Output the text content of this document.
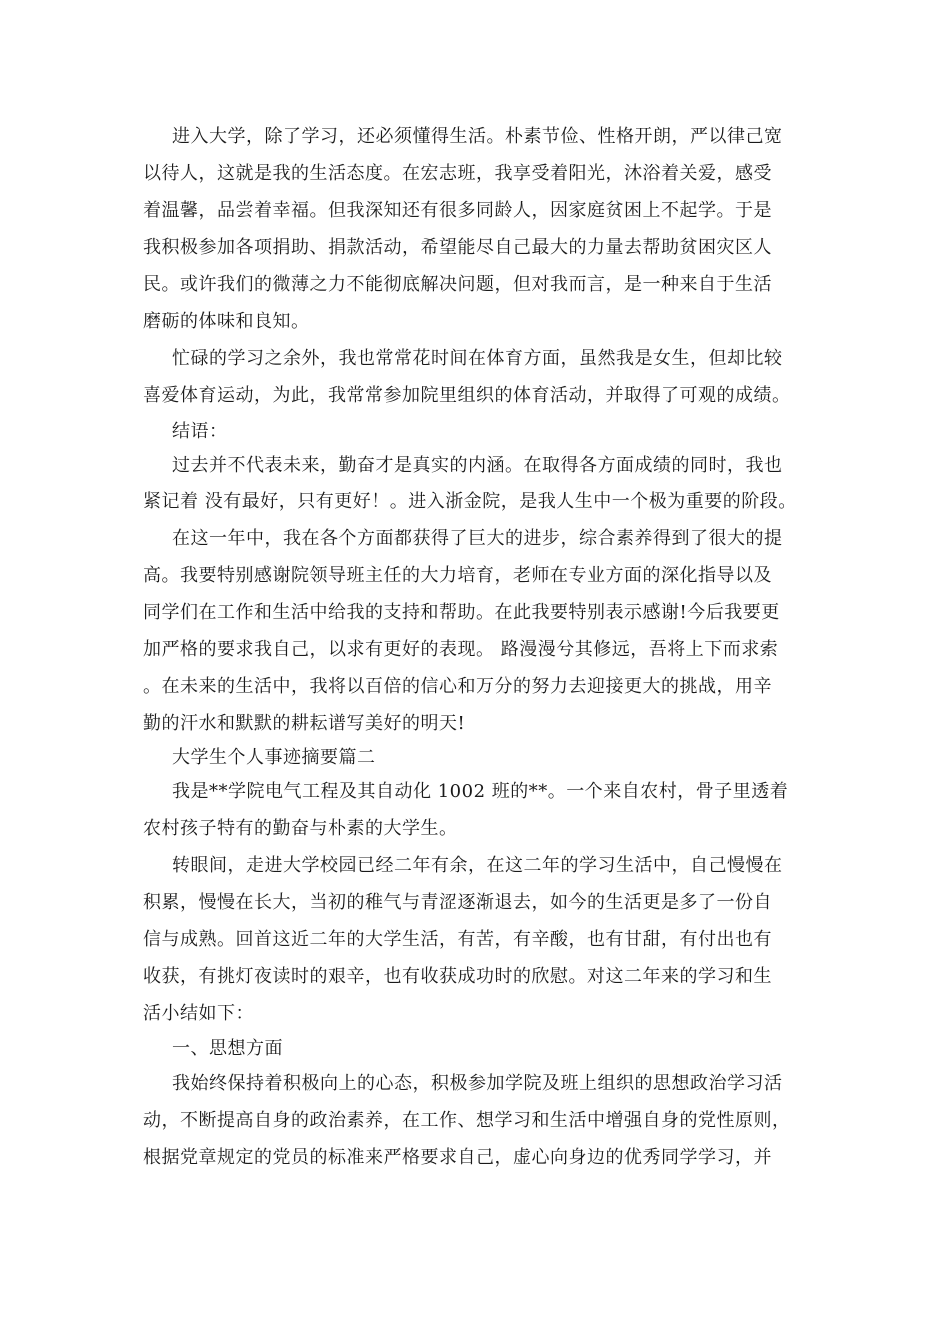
进入大学，除了学习，还必须懂得生活。朴素节俭、性格开朗，严以律己宽

以待人，这就是我的生活态度。在宏志班，我享受着阳光，沐浴着关爱，感受

着温馨，品尝着幸福。但我深知还有很多同龄人，因家庭贫困上不起学。于是

我积极参加各项捐助、捐款活动，希望能尽自己最大的力量去帮助贫困灾区人

民。或许我们的微薄之力不能彻底解决问题，但对我而言，是一种来自于生活

磨砺的体味和良知。

忙碌的学习之余外，我也常常花时间在体育方面，虽然我是女生，但却比较

喜爱体育运动，为此，我常常参加院里组织的体育活动，并取得了可观的成绩。

结语：

过去并不代表未来，勤奋才是真实的内涵。在取得各方面成绩的同时，我也

紧记着 没有最好，只有更好！。进入浙金院，是我人生中一个极为重要的阶段。

在这一年中，我在各个方面都获得了巨大的进步，综合素养得到了很大的提

高。我要特别感谢院领导班主任的大力培育，老师在专业方面的深化指导以及

同学们在工作和生活中给我的支持和帮助。在此我要特别表示感谢!今后我要更

加严格的要求我自己，以求有更好的表现。 路漫漫兮其修远，吾将上下而求索

。在未来的生活中，我将以百倍的信心和万分的努力去迎接更大的挑战，用辛

勤的汗水和默默的耕耘谱写美好的明天!

大学生个人事迹摘要篇二

我是**学院电气工程及其自动化 1002 班的**。一个来自农村，骨子里透着

农村孩子特有的勤奋与朴素的大学生。

转眼间，走进大学校园已经二年有余，在这二年的学习生活中，自己慢慢在

积累，慢慢在长大，当初的稚气与青涩逐渐退去，如今的生活更是多了一份自

信与成熟。回首这近二年的大学生活，有苦，有辛酸，也有甘甜，有付出也有

收获，有挑灯夜读时的艰辛，也有收获成功时的欣慰。对这二年来的学习和生

活小结如下：

一、思想方面

我始终保持着积极向上的心态，积极参加学院及班上组织的思想政治学习活

动，不断提高自身的政治素养，在工作、想学习和生活中增强自身的党性原则，

根据党章规定的党员的标准来严格要求自己，虚心向身边的优秀同学学习，并
